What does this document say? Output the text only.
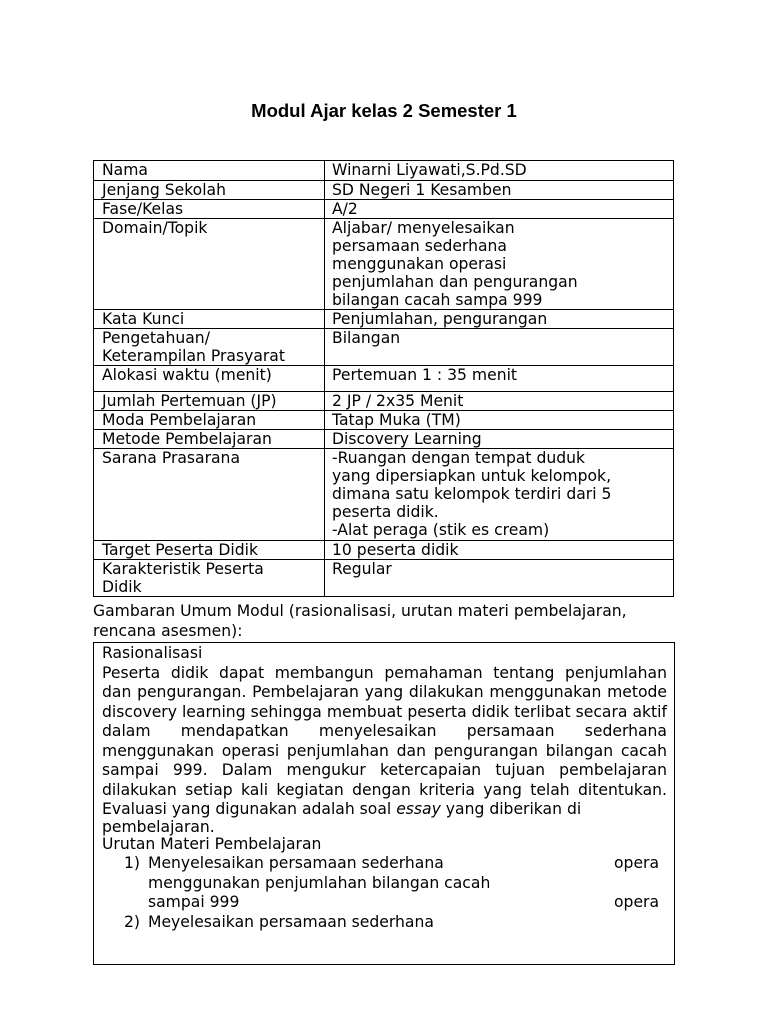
Modul Ajar kelas 2 Semester 1
Nama	Winarni Liyawati,S.Pd.SD
Jenjang Sekolah	SD Negeri 1 Kesamben
Fase/Kelas	A/2
Domain/Topik	Aljabar/ menyelesaikan
persamaan sederhana
menggunakan operasi
penjumlahan dan pengurangan
bilangan cacah sampa 999
Kata Kunci	Penjumlahan, pengurangan
Pengetahuan/
Keterampilan Prasyarat	Bilangan
Alokasi waktu (menit)	Pertemuan 1 : 35 menit
Jumlah Pertemuan (JP)	2 JP / 2x35 Menit
Moda Pembelajaran	Tatap Muka (TM)
Metode Pembelajaran	Discovery Learning
Sarana Prasarana	-Ruangan dengan tempat duduk
yang dipersiapkan untuk kelompok,
dimana satu kelompok terdiri dari 5
peserta didik.
-Alat peraga (stik es cream)
Target Peserta Didik	10 peserta didik
Karakteristik Peserta
Didik	Regular
Gambaran Umum Modul (rasionalisasi, urutan materi pembelajaran, rencana asesmen):
Rasionalisasi
Peserta didik dapat membangun pemahaman tentang penjumlahan dan pengurangan. Pembelajaran yang dilakukan menggunakan metode discovery learning sehingga membuat peserta didik terlibat secara aktif dalam mendapatkan menyelesaikan persamaan sederhana menggunakan operasi penjumlahan dan pengurangan bilangan cacah sampai 999. Dalam mengukur ketercapaian tujuan pembelajaran dilakukan setiap kali kegiatan dengan kriteria yang telah ditentukan. Evaluasi yang digunakan adalah soal essay yang diberikan di
pembelajaran.
Urutan Materi Pembelajaran
1) Menyelesaikan persamaan sederhana menggunakan penjumlahan bilangan cacah sampai 999
opera
opera
2) Meyelesaikan persamaan sederhana
